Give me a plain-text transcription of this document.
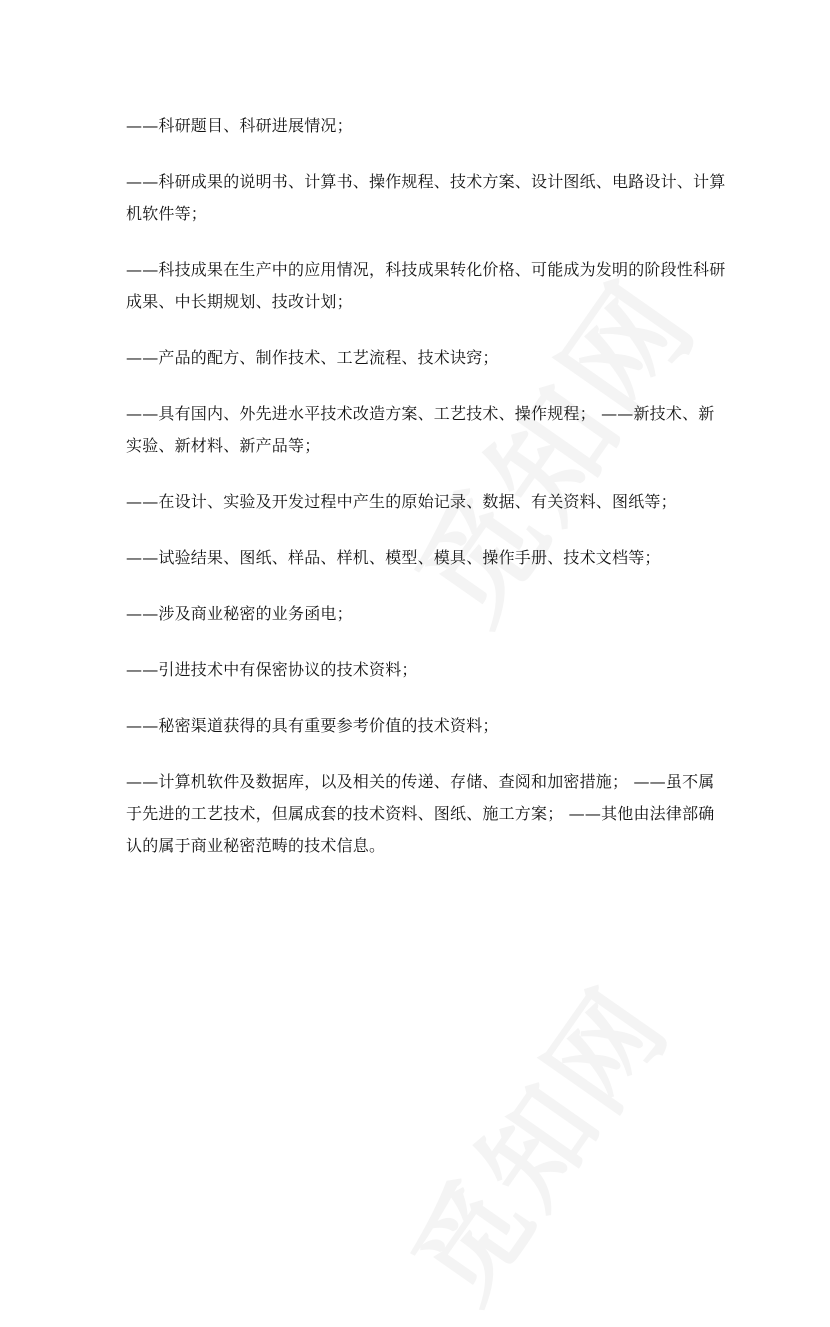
——科研题目、科研进展情况；

——科研成果的说明书、计算书、操作规程、技术方案、设计图纸、电路设计、计算机软件等；

——科技成果在生产中的应用情况，科技成果转化价格、可能成为发明的阶段性科研成果、中长期规划、技改计划；

——产品的配方、制作技术、工艺流程、技术诀窍；

——具有国内、外先进水平技术改造方案、工艺技术、操作规程； ——新技术、新实验、新材料、新产品等；

——在设计、实验及开发过程中产生的原始记录、数据、有关资料、图纸等；

——试验结果、图纸、样品、样机、模型、模具、操作手册、技术文档等；

——涉及商业秘密的业务函电；

——引进技术中有保密协议的技术资料；

——秘密渠道获得的具有重要参考价值的技术资料；

——计算机软件及数据库，以及相关的传递、存储、查阅和加密措施； ——虽不属于先进的工艺技术，但属成套的技术资料、图纸、施工方案； ——其他由法律部确认的属于商业秘密范畴的技术信息。
